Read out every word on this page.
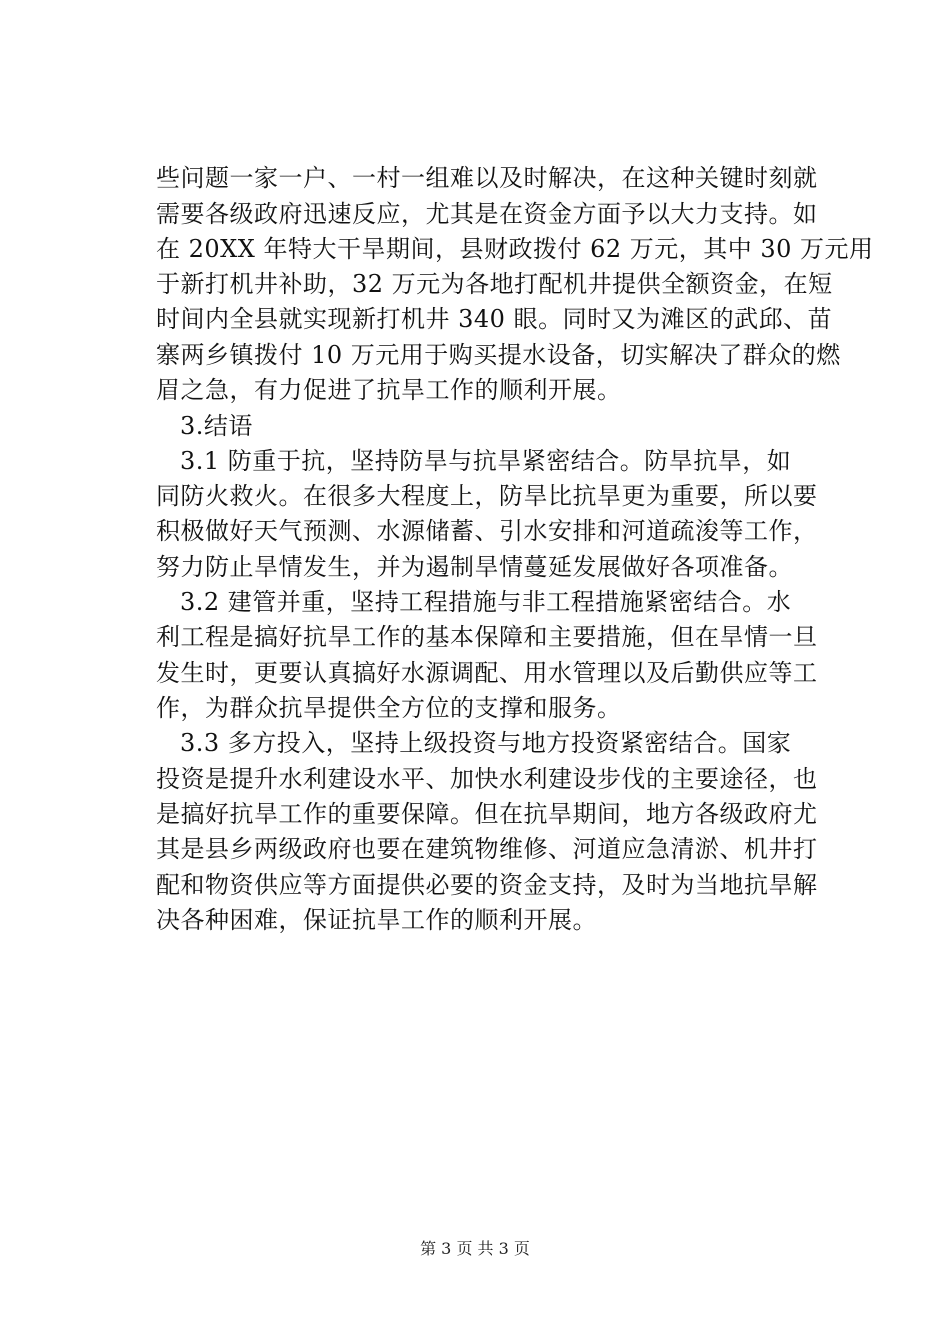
些问题一家一户、一村一组难以及时解决，在这种关键时刻就
需要各级政府迅速反应，尤其是在资金方面予以大力支持。如
在 20XX 年特大干旱期间，县财政拨付 62 万元，其中 30 万元用
于新打机井补助，32 万元为各地打配机井提供全额资金，在短
时间内全县就实现新打机井 340 眼。同时又为滩区的武邱、苗
寨两乡镇拨付 10 万元用于购买提水设备，切实解决了群众的燃
眉之急，有力促进了抗旱工作的顺利开展。
3.结语
3.1 防重于抗，坚持防旱与抗旱紧密结合。防旱抗旱，如
同防火救火。在很多大程度上，防旱比抗旱更为重要，所以要
积极做好天气预测、水源储蓄、引水安排和河道疏浚等工作，
努力防止旱情发生，并为遏制旱情蔓延发展做好各项准备。
3.2 建管并重，坚持工程措施与非工程措施紧密结合。水
利工程是搞好抗旱工作的基本保障和主要措施，但在旱情一旦
发生时，更要认真搞好水源调配、用水管理以及后勤供应等工
作，为群众抗旱提供全方位的支撑和服务。
3.3 多方投入，坚持上级投资与地方投资紧密结合。国家
投资是提升水利建设水平、加快水利建设步伐的主要途径，也
是搞好抗旱工作的重要保障。但在抗旱期间，地方各级政府尤
其是县乡两级政府也要在建筑物维修、河道应急清淤、机井打
配和物资供应等方面提供必要的资金支持，及时为当地抗旱解
决各种困难，保证抗旱工作的顺利开展。
第 3 页 共 3 页
